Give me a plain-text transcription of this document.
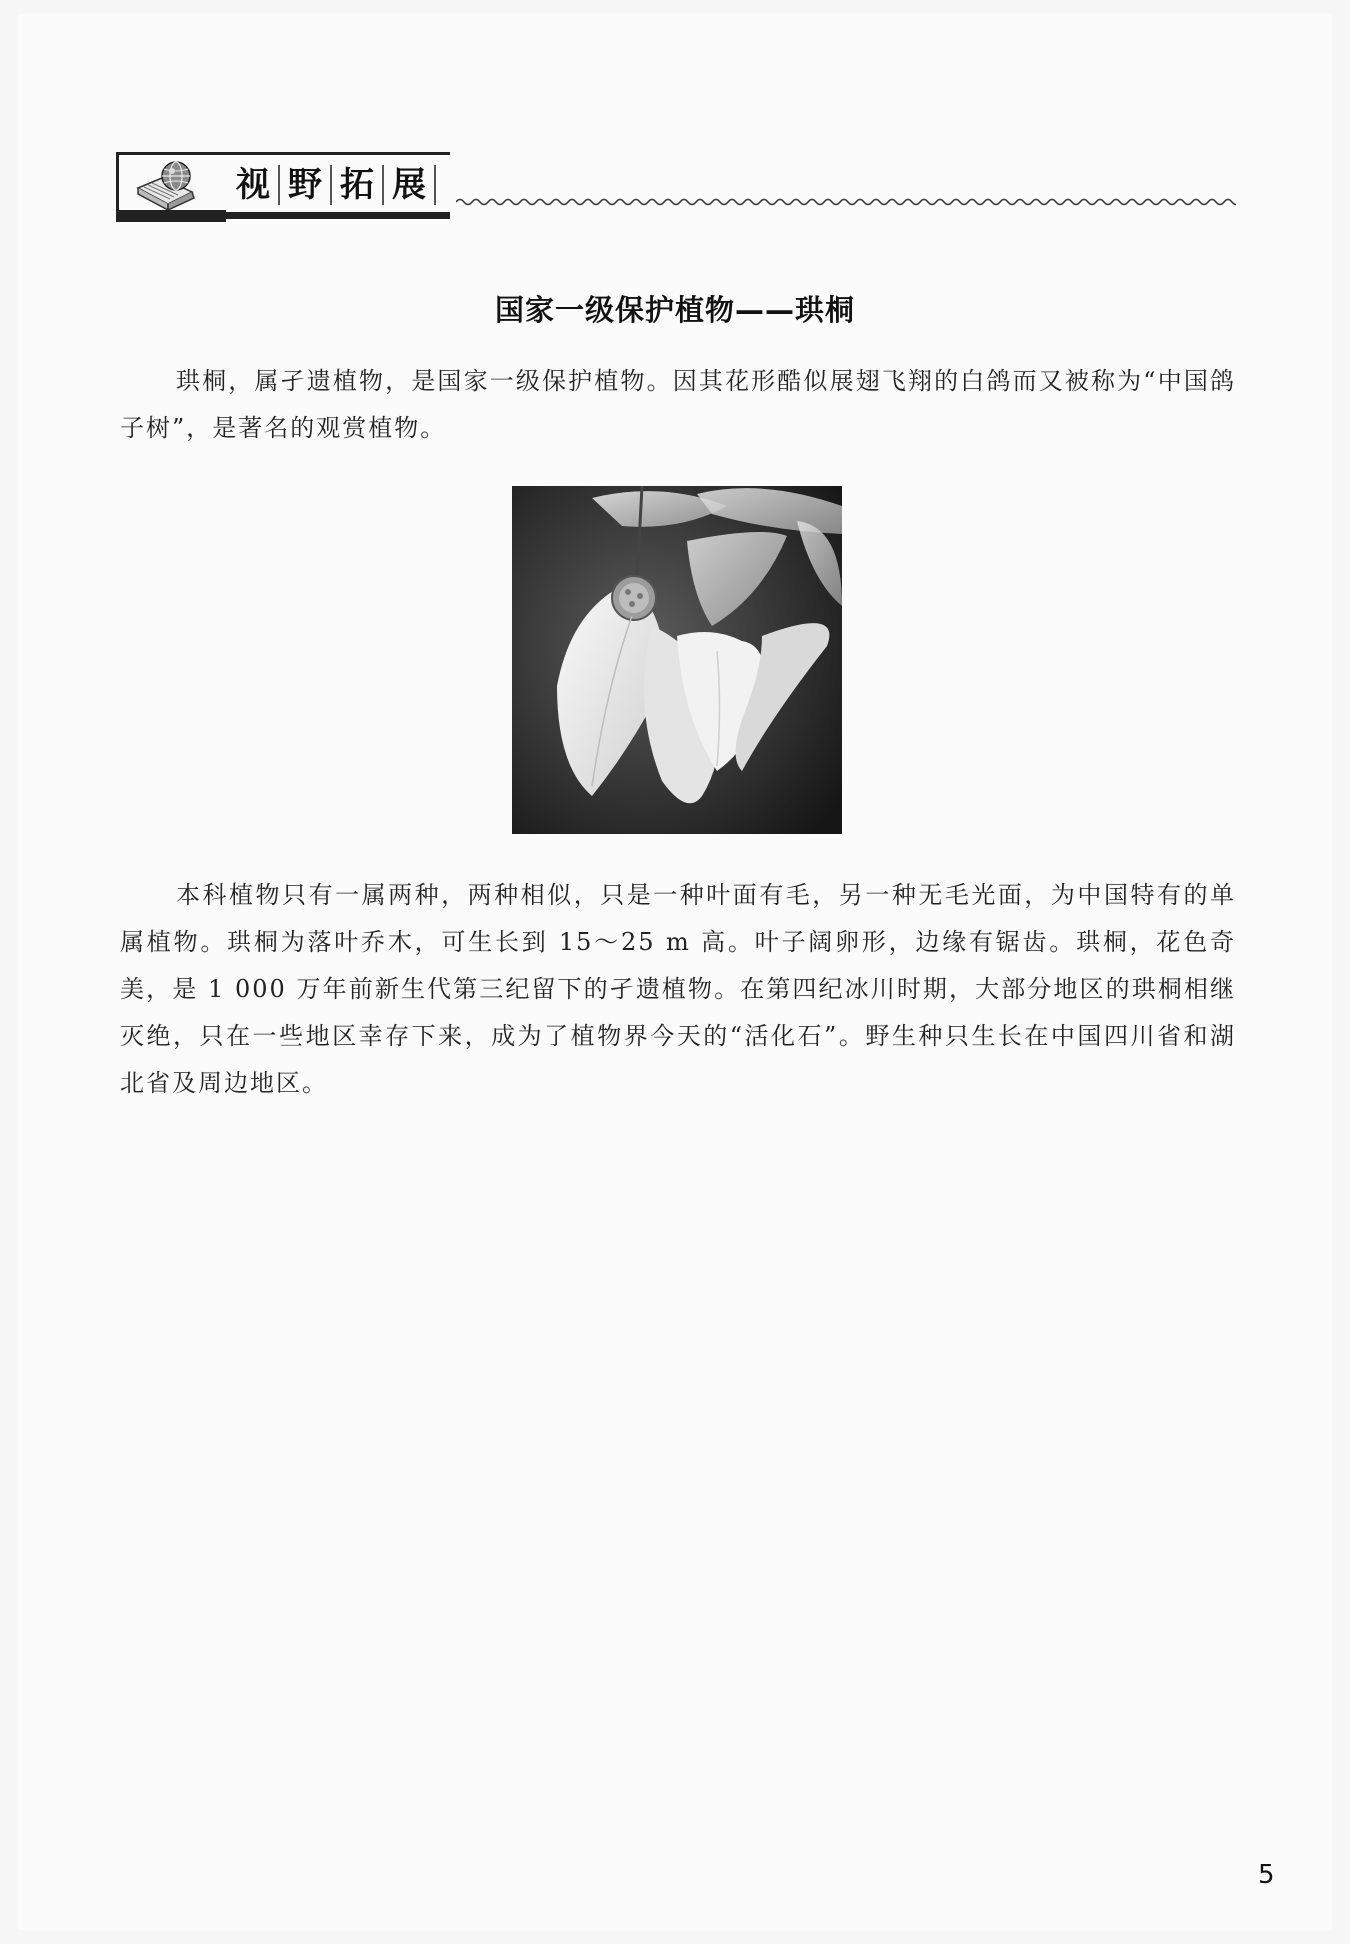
视 野 拓 展
国家一级保护植物——珙桐
珙桐，属孑遗植物，是国家一级保护植物。因其花形酷似展翅飞翔的白鸽而又被称为“中国鸽子树”，是著名的观赏植物。
本科植物只有一属两种，两种相似，只是一种叶面有毛，另一种无毛光面，为中国特有的单属植物。珙桐为落叶乔木，可生长到 15～25 m 高。叶子阔卵形，边缘有锯齿。珙桐，花色奇美，是 1 000 万年前新生代第三纪留下的孑遗植物。在第四纪冰川时期，大部分地区的珙桐相继灭绝，只在一些地区幸存下来，成为了植物界今天的“活化石”。野生种只生长在中国四川省和湖北省及周边地区。
5
